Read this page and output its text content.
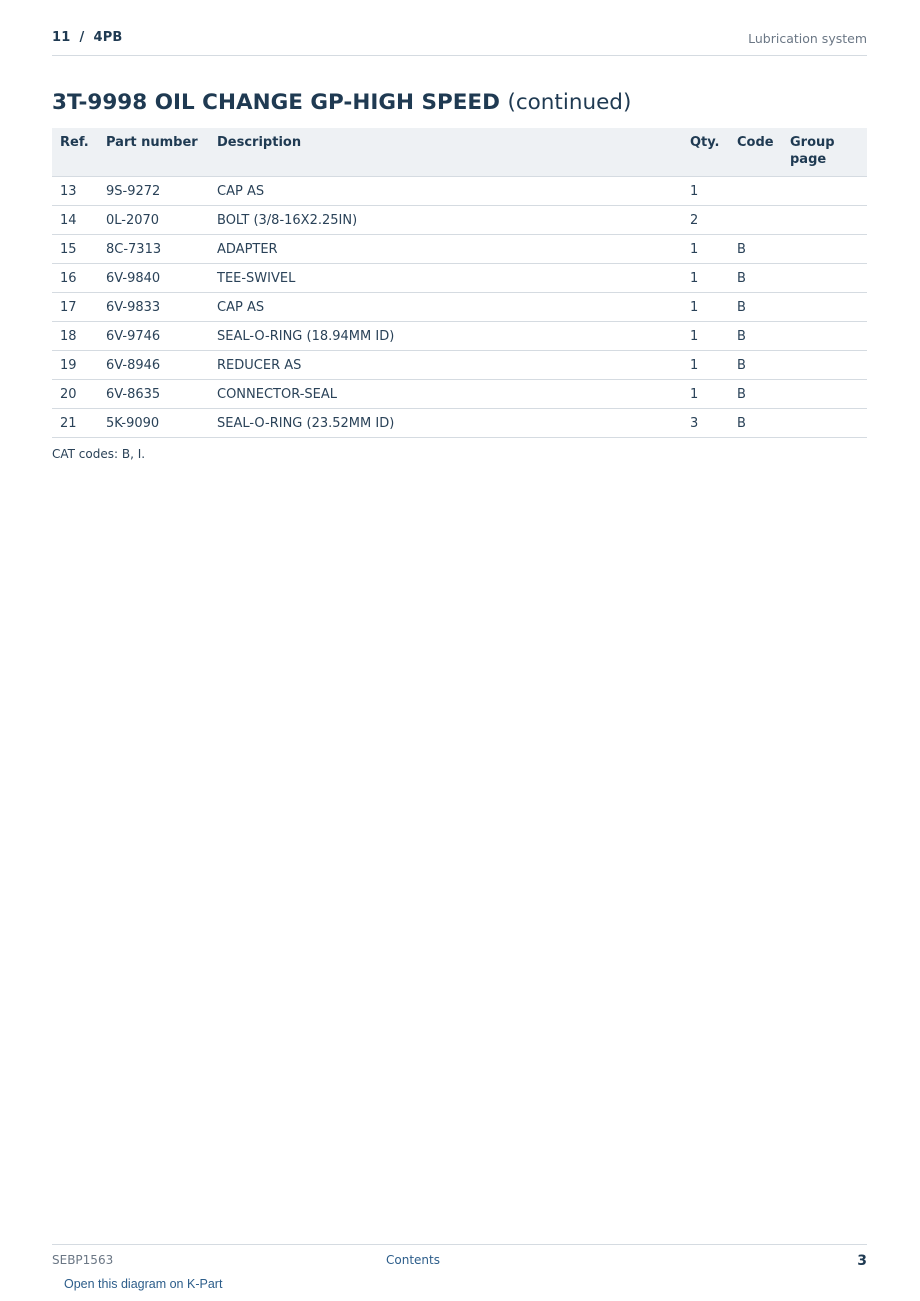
11 / 4PB	Lubrication system
3T-9998 OIL CHANGE GP-HIGH SPEED (continued)
Ref.	Part number	Description	Qty.	Code	Group page
13	9S-9272	CAP AS	1		
14	0L-2070	BOLT (3/8-16X2.25IN)	2		
15	8C-7313	ADAPTER	1	B	
16	6V-9840	TEE-SWIVEL	1	B	
17	6V-9833	CAP AS	1	B	
18	6V-9746	SEAL-O-RING (18.94MM ID)	1	B	
19	6V-8946	REDUCER AS	1	B	
20	6V-8635	CONNECTOR-SEAL	1	B	
21	5K-9090	SEAL-O-RING (23.52MM ID)	3	B	
CAT codes: B, I.
SEBP1563	Contents	3
Open this diagram on K-Part
